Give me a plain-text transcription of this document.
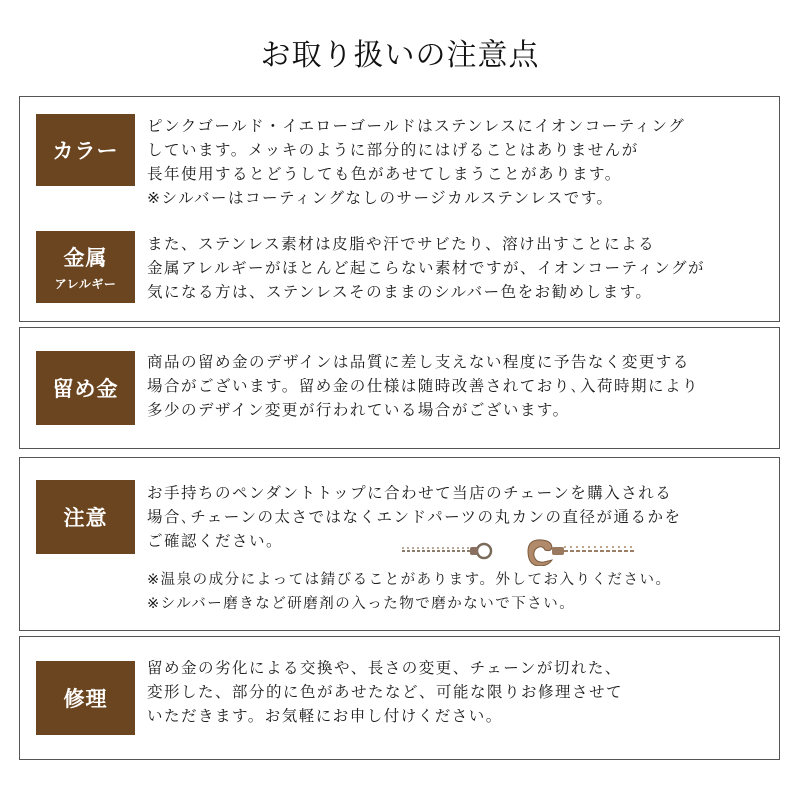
お取り扱いの注意点
カラー
ピンクゴールド・イエローゴールドはステンレスにイオンコーティング
しています。メッキのように部分的にはげることはありませんが
長年使用するとどうしても色があせてしまうことがあります。
※シルバーはコーティングなしのサージカルステンレスです。
金属
アレルギー
また、ステンレス素材は皮脂や汗でサビたり、溶け出すことによる
金属アレルギーがほとんど起こらない素材ですが、イオンコーティングが
気になる方は、ステンレスそのままのシルバー色をお勧めします。
留め金
商品の留め金のデザインは品質に差し支えない程度に予告なく変更する
場合がございます。留め金の仕様は随時改善されており､入荷時期により
多少のデザイン変更が行われている場合がございます。
注意
お手持ちのペンダントトップに合わせて当店のチェーンを購入される
場合､チェーンの太さではなくエンドパーツの丸カンの直径が通るかを
ご確認ください。
※温泉の成分によっては錆びることがあります。外してお入りください。
※シルバー磨きなど研磨剤の入った物で磨かないで下さい。
修理
留め金の劣化による交換や、長さの変更、チェーンが切れた、
変形した、部分的に色があせたなど、可能な限りお修理させて
いただきます。お気軽にお申し付けください。
